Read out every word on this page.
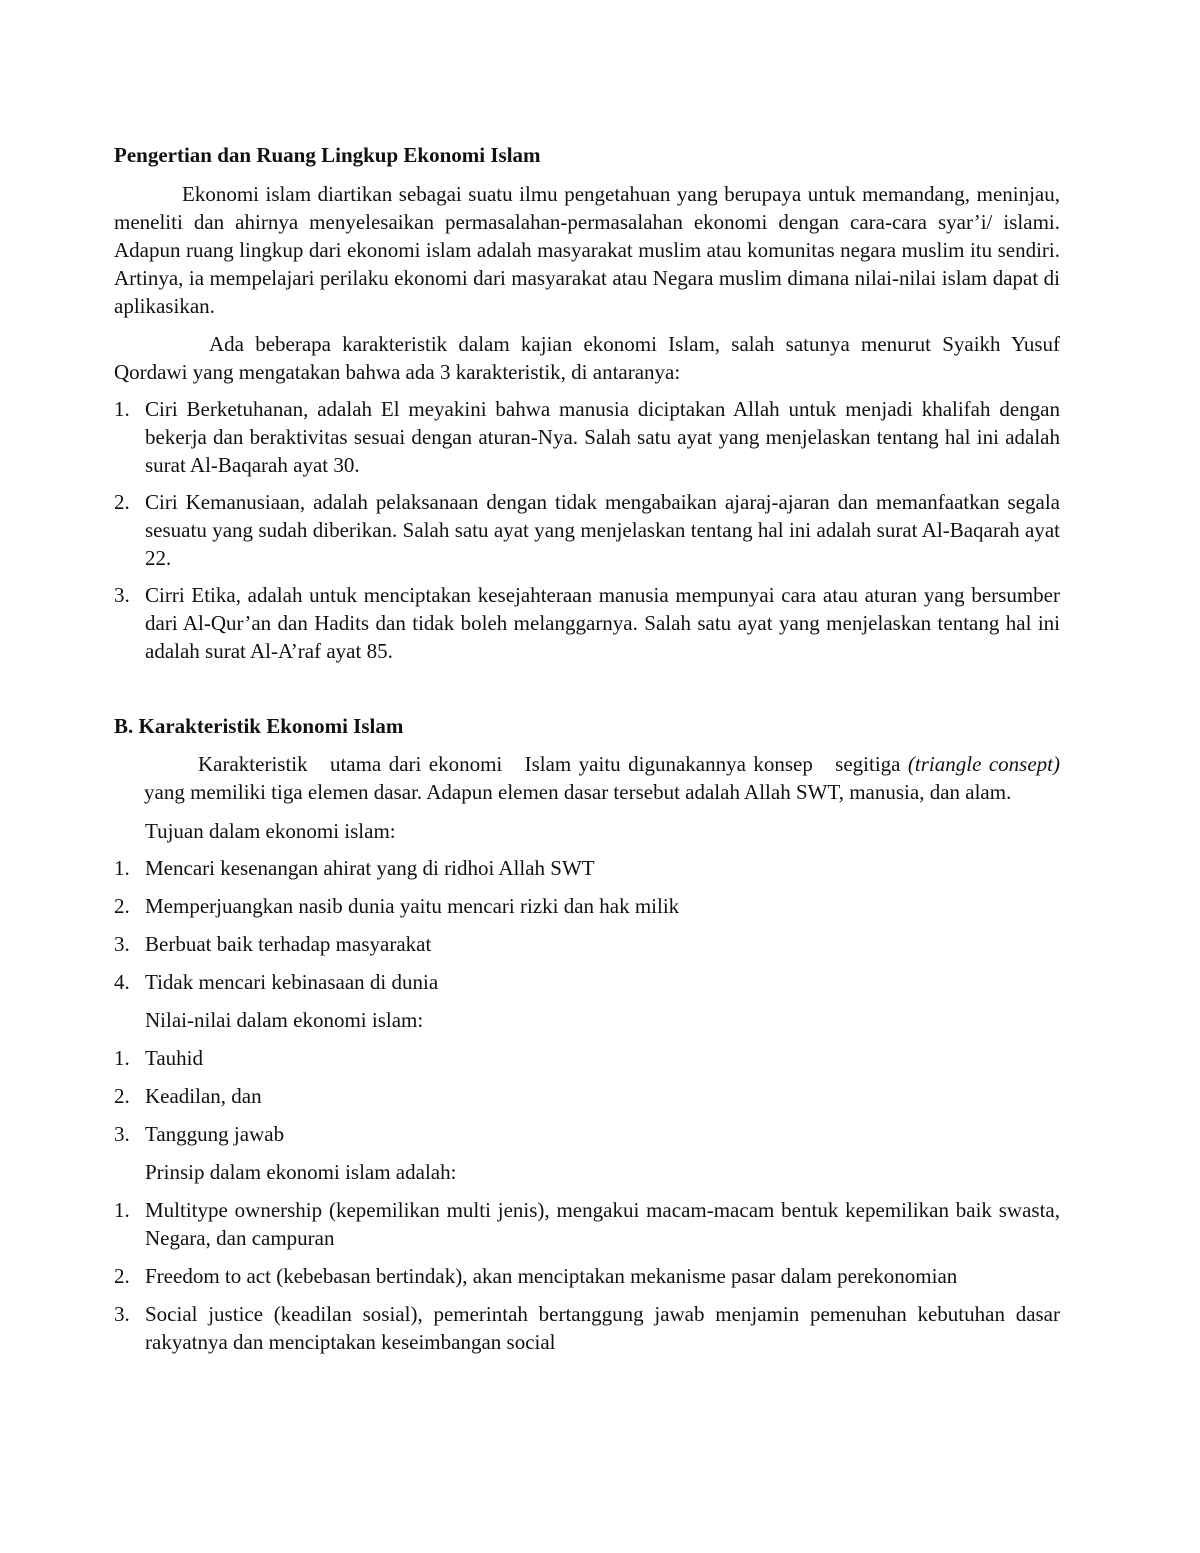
Pengertian dan Ruang Lingkup Ekonomi Islam

Ekonomi islam diartikan sebagai suatu ilmu pengetahuan yang berupaya untuk memandang, meninjau, meneliti dan ahirnya menyelesaikan permasalahan-permasalahan ekonomi dengan cara-cara syar’i/ islami. Adapun ruang lingkup dari ekonomi islam adalah masyarakat muslim atau komunitas negara muslim itu sendiri. Artinya, ia mempelajari perilaku ekonomi dari masyarakat atau Negara muslim dimana nilai-nilai islam dapat di aplikasikan.

Ada beberapa karakteristik dalam kajian ekonomi Islam, salah satunya menurut Syaikh Yusuf Qordawi yang mengatakan bahwa ada 3 karakteristik, di antaranya:

1. Ciri Berketuhanan, adalah El meyakini bahwa manusia diciptakan Allah untuk menjadi khalifah dengan bekerja dan beraktivitas sesuai dengan aturan-Nya. Salah satu ayat yang menjelaskan tentang hal ini adalah surat Al-Baqarah ayat 30.
2. Ciri Kemanusiaan, adalah pelaksanaan dengan tidak mengabaikan ajaraj-ajaran dan memanfaatkan segala sesuatu yang sudah diberikan. Salah satu ayat yang menjelaskan tentang hal ini adalah surat Al-Baqarah ayat 22.
3. Cirri Etika, adalah untuk menciptakan kesejahteraan manusia mempunyai cara atau aturan yang bersumber dari Al-Qur’an dan Hadits dan tidak boleh melanggarnya. Salah satu ayat yang menjelaskan tentang hal ini adalah surat Al-A’raf ayat 85.

B. Karakteristik Ekonomi Islam

Karakteristik   utama dari ekonomi   Islam yaitu digunakannya konsep   segitiga (triangle consept) yang memiliki tiga elemen dasar. Adapun elemen dasar tersebut adalah Allah SWT, manusia, dan alam.

Tujuan dalam ekonomi islam:

1. Mencari kesenangan ahirat yang di ridhoi Allah SWT
2. Memperjuangkan nasib dunia yaitu mencari rizki dan hak milik
3. Berbuat baik terhadap masyarakat
4. Tidak mencari kebinasaan di dunia

Nilai-nilai dalam ekonomi islam:

1. Tauhid
2. Keadilan, dan
3. Tanggung jawab

Prinsip dalam ekonomi islam adalah:

1. Multitype ownership (kepemilikan multi jenis), mengakui macam-macam bentuk kepemilikan baik swasta, Negara, dan campuran
2. Freedom to act (kebebasan bertindak), akan menciptakan mekanisme pasar dalam perekonomian
3. Social justice (keadilan sosial), pemerintah bertanggung jawab menjamin pemenuhan kebutuhan dasar rakyatnya dan menciptakan keseimbangan social
